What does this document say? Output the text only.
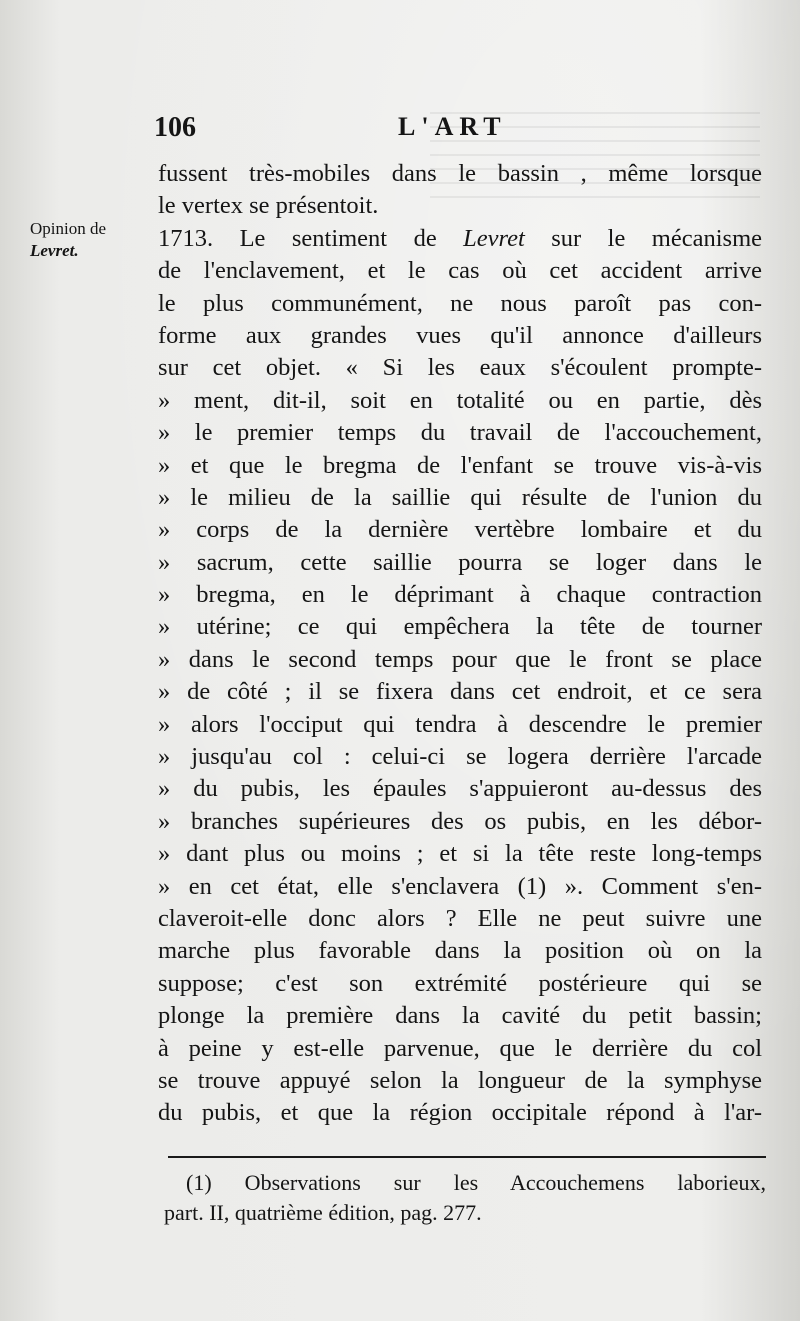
106	L'ART
Opinion de
Levret.
fussent très-mobiles dans le bassin , même lorsque
le vertex se présentoit.
1713. Le sentiment de Levret sur le mécanisme
de l'enclavement, et le cas où cet accident arrive
le plus communément, ne nous paroît pas con-
forme aux grandes vues qu'il annonce d'ailleurs
sur cet objet. « Si les eaux s'écoulent prompte-
» ment, dit-il, soit en totalité ou en partie, dès
» le premier temps du travail de l'accouchement,
» et que le bregma de l'enfant se trouve vis-à-vis
» le milieu de la saillie qui résulte de l'union du
» corps de la dernière vertèbre lombaire et du
» sacrum, cette saillie pourra se loger dans le
» bregma, en le déprimant à chaque contraction
» utérine; ce qui empêchera la tête de tourner
» dans le second temps pour que le front se place
» de côté ; il se fixera dans cet endroit, et ce sera
» alors l'occiput qui tendra à descendre le premier
» jusqu'au col : celui-ci se logera derrière l'arcade
» du pubis, les épaules s'appuieront au-dessus des
» branches supérieures des os pubis, en les débor-
» dant plus ou moins ; et si la tête reste long-temps
» en cet état, elle s'enclavera (1) ». Comment s'en-
claveroit-elle donc alors ? Elle ne peut suivre une
marche plus favorable dans la position où on la
suppose; c'est son extrémité postérieure qui se
plonge la première dans la cavité du petit bassin;
à peine y est-elle parvenue, que le derrière du col
se trouve appuyé selon la longueur de la symphyse
du pubis, et que la région occipitale répond à l'ar-
(1) Observations sur les Accouchemens laborieux,
part. II, quatrième édition, pag. 277.
